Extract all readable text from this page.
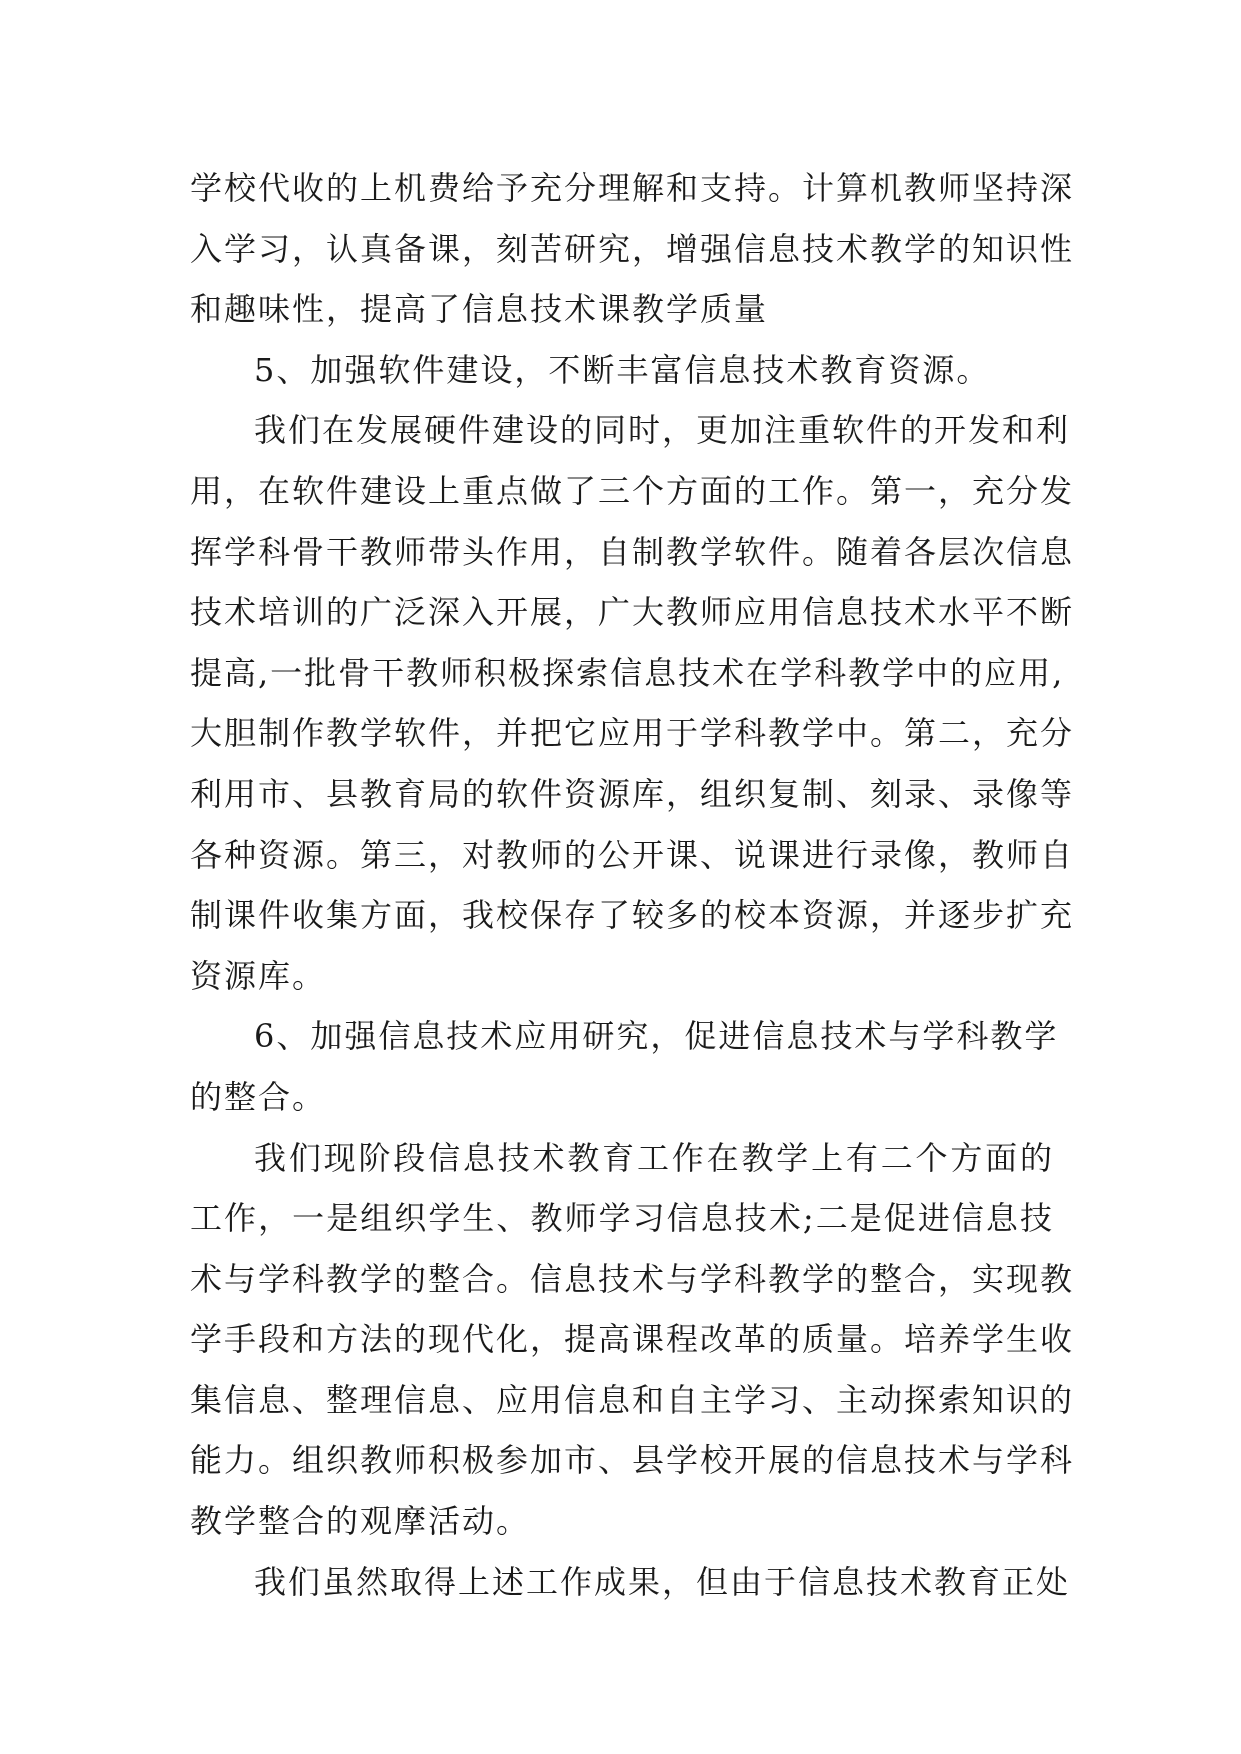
学校代收的上机费给予充分理解和支持。计算机教师坚持深
入学习，认真备课，刻苦研究，增强信息技术教学的知识性
和趣味性，提高了信息技术课教学质量
5、加强软件建设，不断丰富信息技术教育资源。
我们在发展硬件建设的同时，更加注重软件的开发和利
用，在软件建设上重点做了三个方面的工作。第一，充分发
挥学科骨干教师带头作用，自制教学软件。随着各层次信息
技术培训的广泛深入开展，广大教师应用信息技术水平不断
提高,一批骨干教师积极探索信息技术在学科教学中的应用,
大胆制作教学软件，并把它应用于学科教学中。第二，充分
利用市、县教育局的软件资源库，组织复制、刻录、录像等
各种资源。第三，对教师的公开课、说课进行录像，教师自
制课件收集方面，我校保存了较多的校本资源，并逐步扩充
资源库。
6、加强信息技术应用研究，促进信息技术与学科教学
的整合。
我们现阶段信息技术教育工作在教学上有二个方面的
工作，一是组织学生、教师学习信息技术;二是促进信息技
术与学科教学的整合。信息技术与学科教学的整合，实现教
学手段和方法的现代化，提高课程改革的质量。培养学生收
集信息、整理信息、应用信息和自主学习、主动探索知识的
能力。组织教师积极参加市、县学校开展的信息技术与学科
教学整合的观摩活动。
我们虽然取得上述工作成果，但由于信息技术教育正处
